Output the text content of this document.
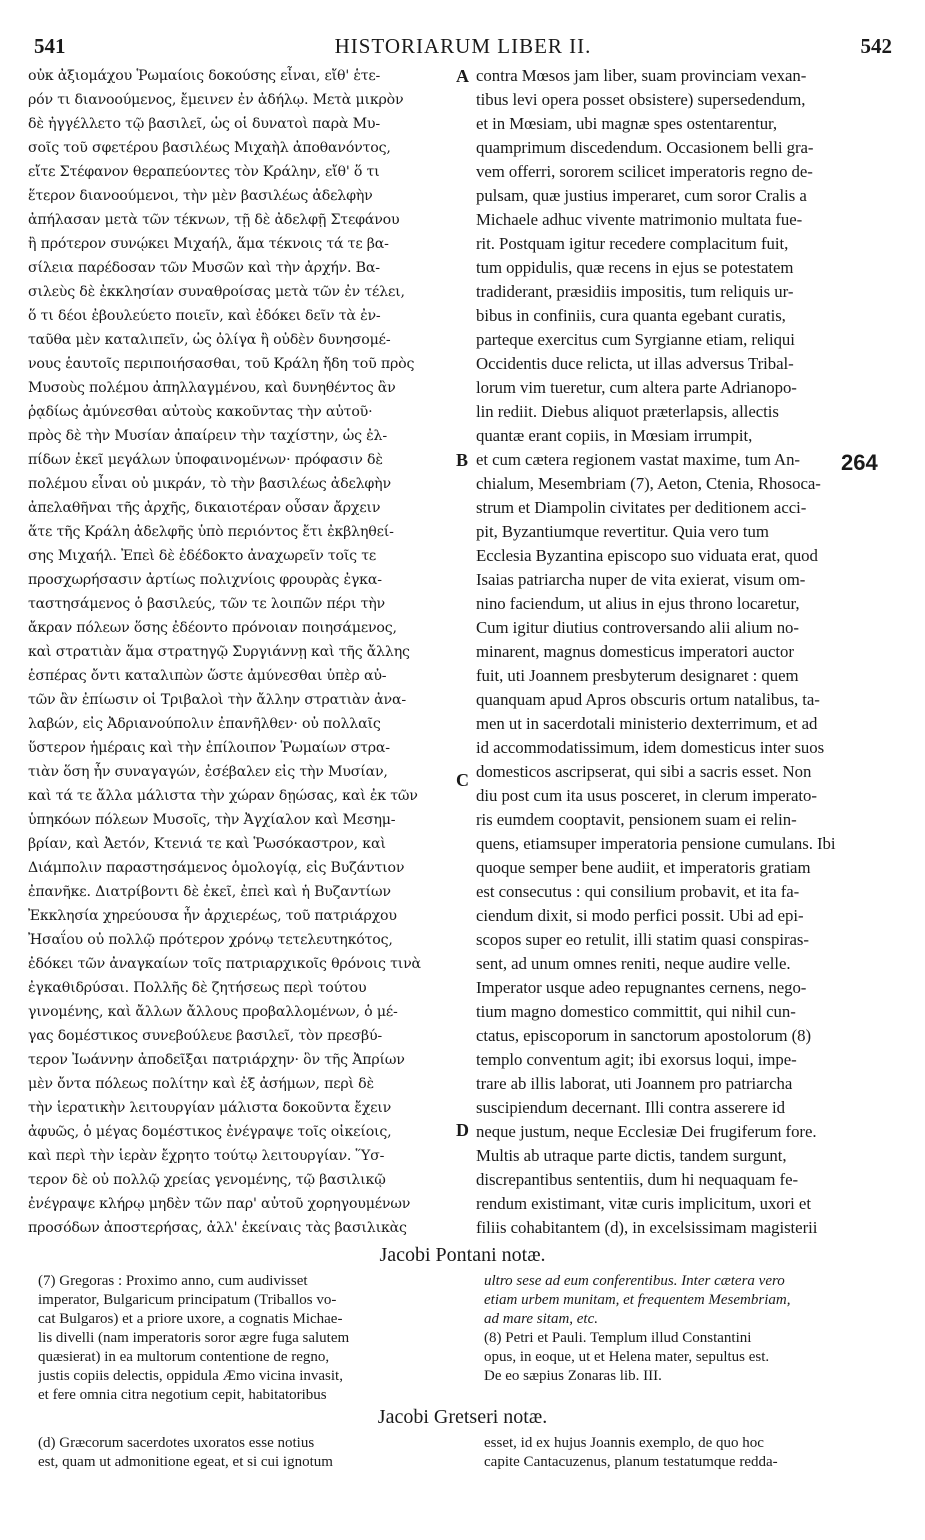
541	HISTORIARUM LIBER II.	542
οὐκ ἀξιομάχου Ῥωμαίοις δοκούσης εἶναι, εἴθ' ἑτε-
ρόν τι διανοούμενος, ἔμεινεν ἐν ἀδήλῳ. Μετὰ μικρὸν
δὲ ἠγγέλλετο τῷ βασιλεῖ, ὡς οἱ δυνατοὶ παρὰ Μυ-
σοῖς τοῦ σφετέρου βασιλέως Μιχαὴλ ἀποθανόντος,
εἴτε Στέφανον θεραπεύοντες τὸν Κράλην, εἴθ' ὅ τι
ἕτερον διανοούμενοι, τὴν μὲν βασιλέως ἀδελφὴν
ἀπήλασαν μετὰ τῶν τέκνων, τῇ δὲ ἀδελφῇ Στεφάνου
ἢ πρότερον συνῴκει Μιχαήλ, ἅμα τέκνοις τά τε βα-
σίλεια παρέδοσαν τῶν Μυσῶν καὶ τὴν ἀρχήν. Βα-
σιλεὺς δὲ ἐκκλησίαν συναθροίσας μετὰ τῶν ἐν τέλει,
ὅ τι δέοι ἐβουλεύετο ποιεῖν, καὶ ἐδόκει δεῖν τὰ ἐν-
ταῦθα μὲν καταλιπεῖν, ὡς ὀλίγα ἢ οὐδὲν δυνησομέ-
νους ἑαυτοῖς περιποιήσασθαι, τοῦ Κράλη ἤδη τοῦ πρὸς
Μυσοὺς πολέμου ἀπηλλαγμένου, καὶ δυνηθέντος ἂν
ῥᾳδίως ἀμύνεσθαι αὐτοὺς κακοῦντας τὴν αὐτοῦ·
πρὸς δὲ τὴν Μυσίαν ἀπαίρειν τὴν ταχίστην, ὡς ἐλ-
πίδων ἐκεῖ μεγάλων ὑποφαινομένων· πρόφασιν δὲ
πολέμου εἶναι οὐ μικράν, τὸ τὴν βασιλέως ἀδελφὴν
ἀπελαθῆναι τῆς ἀρχῆς, δικαιοτέραν οὖσαν ἄρχειν
ἅτε τῆς Κράλη ἀδελφῆς ὑπὸ περιόντος ἔτι ἐκβληθεί-
σης Μιχαήλ. Ἐπεὶ δὲ ἐδέδοκτο ἀναχωρεῖν τοῖς τε
προσχωρήσασιν ἀρτίως πολιχνίοις φρουρὰς ἐγκα-
ταστησάμενος ὁ βασιλεύς, τῶν τε λοιπῶν πέρι τὴν
ἄκραν πόλεων ὅσης ἐδέοντο πρόνοιαν ποιησάμενος,
καὶ στρατιὰν ἅμα στρατηγῷ Συργιάννῃ καὶ τῆς ἄλλης
ἑσπέρας ὄντι καταλιπὼν ὥστε ἀμύνεσθαι ὑπὲρ αὐ-
τῶν ἂν ἐπίωσιν οἱ Τριβαλοὶ τὴν ἄλλην στρατιὰν ἀνα-
λαβών, εἰς Ἀδριανούπολιν ἐπανῆλθεν· οὐ πολλαῖς
ὕστερον ἡμέραις καὶ τὴν ἐπίλοιπον Ῥωμαίων στρα-
τιὰν ὅση ἦν συναγαγών, ἐσέβαλεν εἰς τὴν Μυσίαν,
καὶ τά τε ἄλλα μάλιστα τὴν χώραν δῃώσας, καὶ ἐκ τῶν
ὑπηκόων πόλεων Μυσοῖς, τὴν Ἀγχίαλον καὶ Μεσημ-
βρίαν, καὶ Ἀετόν, Κτενιά τε καὶ Ῥωσόκαστρον, καὶ
Διάμπολιν παραστησάμενος ὁμολογίᾳ, εἰς Βυζάντιον
ἐπανῆκε. Διατρίβοντι δὲ ἐκεῖ, ἐπεὶ καὶ ἡ Βυζαντίων
Ἐκκλησία χηρεύουσα ἦν ἀρχιερέως, τοῦ πατριάρχου
Ἠσαΐου οὐ πολλῷ πρότερον χρόνῳ τετελευτηκότος,
ἐδόκει τῶν ἀναγκαίων τοῖς πατριαρχικοῖς θρόνοις τινὰ
ἐγκαθιδρύσαι. Πολλῆς δὲ ζητήσεως περὶ τούτου
γινομένης, καὶ ἄλλων ἄλλους προβαλλομένων, ὁ μέ-
γας δομέστικος συνεβούλευε βασιλεῖ, τὸν πρεσβύ-
τερον Ἰωάννην ἀποδεῖξαι πατριάρχην· ὃν τῆς Ἀπρίων
μὲν ὄντα πόλεως πολίτην καὶ ἐξ ἀσήμων, περὶ δὲ
τὴν ἱερατικὴν λειτουργίαν μάλιστα δοκοῦντα ἔχειν
ἀφυῶς, ὁ μέγας δομέστικος ἐνέγραψε τοῖς οἰκείοις,
καὶ περὶ τὴν ἱερὰν ἔχρητο τούτῳ λειτουργίαν. Ὕσ-
τερον δὲ οὐ πολλῷ χρείας γενομένης, τῷ βασιλικῷ
ἐνέγραψε κλήρῳ μηδὲν τῶν παρ' αὐτοῦ χορηγουμένων
προσόδων ἀποστερήσας, ἀλλ' ἐκείναις τὰς βασιλικὰς
contra Mœsos jam liber, suam provinciam vexan-
tibus levi opera posset obsistere) supersedendum,
et in Mœsiam, ubi magnæ spes ostentarentur,
quamprimum discedendum. Occasionem belli gra-
vem offerri, sororem scilicet imperatoris regno de-
pulsam, quæ justius imperaret, cum soror Cralis a
Michaele adhuc vivente matrimonio multata fue-
rit. Postquam igitur recedere complacitum fuit,
tum oppidulis, quæ recens in ejus se potestatem
tradiderant, præsidiis impositis, tum reliquis ur-
bibus in confiniis, cura quanta egebant curatis,
parteque exercitus cum Syrgianne etiam, reliqui
Occidentis duce relicta, ut illas adversus Tribal-
lorum vim tueretur, cum altera parte Adrianopo-
lin rediit. Diebus aliquot præterlapsis, allectis
quantæ erant copiis, in Mœsiam irrumpit,
et cum cætera regionem vastat maxime, tum An-
chialum, Mesembriam (7), Aeton, Ctenia, Rhosoca-
strum et Diampolin civitates per deditionem acci-
pit, Byzantiumque revertitur. Quia vero tum
Ecclesia Byzantina episcopo suo viduata erat, quod
Isaias patriarcha nuper de vita exierat, visum om-
nino faciendum, ut alius in ejus throno locaretur,
Cum igitur diutius controversando alii alium no-
minarent, magnus domesticus imperatori auctor
fuit, uti Joannem presbyterum designaret : quem
quanquam apud Apros obscuris ortum natalibus, ta-
men ut in sacerdotali ministerio dexterrimum, et ad
id accommodatissimum, idem domesticus inter suos
domesticos ascripserat, qui sibi a sacris esset. Non
diu post cum ita usus posceret, in clerum imperato-
ris eumdem cooptavit, pensionem suam ei relin-
quens, etiamsuper imperatoria pensione cumulans. Ibi
quoque semper bene audiit, et imperatoris gratiam
est consecutus : qui consilium probavit, et ita fa-
ciendum dixit, si modo perfici possit. Ubi ad epi-
scopos super eo retulit, illi statim quasi conspiras-
sent, ad unum omnes reniti, neque audire velle.
Imperator usque adeo repugnantes cernens, nego-
tium magno domestico committit, qui nihil cun-
ctatus, episcoporum in sanctorum apostolorum (8)
templo conventum agit; ibi exorsus loqui, impe-
trare ab illis laborat, uti Joannem pro patriarcha
suscipiendum decernant. Illi contra asserere id
neque justum, neque Ecclesiæ Dei frugiferum fore.
Multis ab utraque parte dictis, tandem surgunt,
discrepantibus sententiis, dum hi nequaquam fe-
rendum existimant, vitæ curis implicitum, uxori et
filiis cohabitantem (d), in excelsissimam magisterii
A
B
C
D
264
Jacobi Pontani notæ.
(7) Gregoras : Proximo anno, cum audivisset
imperator, Bulgaricum principatum (Triballos vo-
cat Bulgaros) et a priore uxore, a cognatis Michae-
lis divelli (nam imperatoris soror ægre fuga salutem
quæsierat) in ea multorum contentione de regno,
justis copiis delectis, oppidula Æmo vicina invasit,
et fere omnia citra negotium cepit, habitatoribus
ultro sese ad eum conferentibus. Inter cætera vero
etiam urbem munitam, et frequentem Mesembriam,
ad mare sitam, etc.
(8) Petri et Pauli. Templum illud Constantini
opus, in eoque, ut et Helena mater, sepultus est.
De eo sæpius Zonaras lib. III.
Jacobi Gretseri notæ.
(d) Græcorum sacerdotes uxoratos esse notius
est, quam ut admonitione egeat, et si cui ignotum
esset, id ex hujus Joannis exemplo, de quo hoc
capite Cantacuzenus, planum testatumque redda-
